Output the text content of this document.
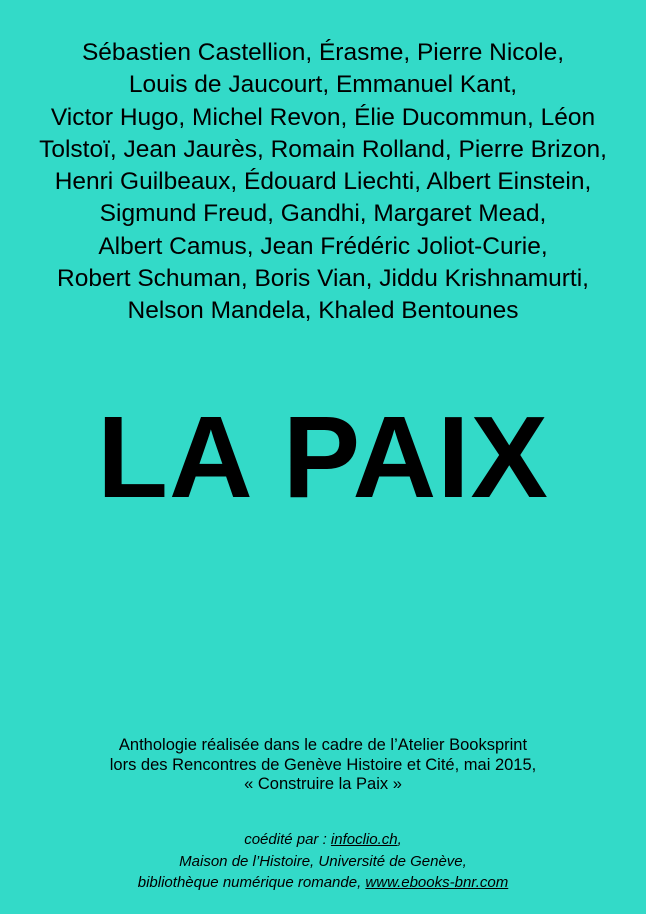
Sébastien Castellion, Érasme, Pierre Nicole,
Louis de Jaucourt, Emmanuel Kant,
Victor Hugo, Michel Revon, Élie Ducommun, Léon
Tolstoï, Jean Jaurès, Romain Rolland, Pierre Brizon,
Henri Guilbeaux, Édouard Liechti, Albert Einstein,
Sigmund Freud, Gandhi, Margaret Mead,
Albert Camus, Jean Frédéric Joliot-Curie,
Robert Schuman, Boris Vian, Jiddu Krishnamurti,
Nelson Mandela, Khaled Bentounes
LA PAIX
Anthologie réalisée dans le cadre de l’Atelier Booksprint
lors des Rencontres de Genève Histoire et Cité, mai 2015,
« Construire la Paix »
coédité par : infoclio.ch,
Maison de l’Histoire, Université de Genève,
bibliothèque numérique romande, www.ebooks-bnr.com
